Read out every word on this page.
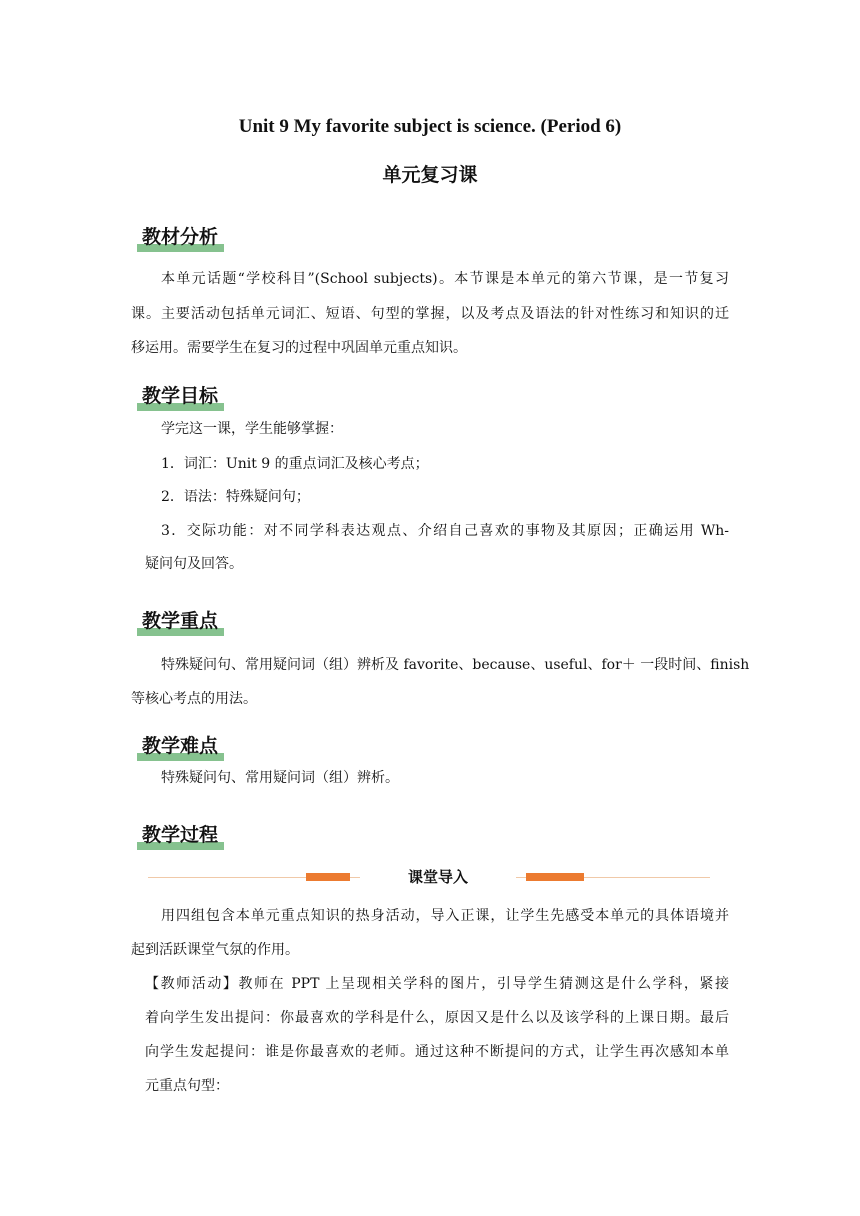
Unit 9 My favorite subject is science. (Period 6)
单元复习课
教材分析
本单元话题“学校科目”(School subjects)。本节课是本单元的第六节课，是一节复习
课。主要活动包括单元词汇、短语、句型的掌握，以及考点及语法的针对性练习和知识的迁
移运用。需要学生在复习的过程中巩固单元重点知识。
教学目标
学完这一课，学生能够掌握：
1．词汇：Unit 9 的重点词汇及核心考点；
2．语法：特殊疑问句；
3．交际功能：对不同学科表达观点、介绍自己喜欢的事物及其原因；正确运用 Wh-
疑问句及回答。
教学重点
特殊疑问句、常用疑问词（组）辨析及 favorite、because、useful、for＋ 一段时间、finish
等核心考点的用法。
教学难点
特殊疑问句、常用疑问词（组）辨析。
教学过程
课堂导入
用四组包含本单元重点知识的热身活动，导入正课，让学生先感受本单元的具体语境并
起到活跃课堂气氛的作用。
【教师活动】教师在 PPT 上呈现相关学科的图片，引导学生猜测这是什么学科，紧接
着向学生发出提问：你最喜欢的学科是什么，原因又是什么以及该学科的上课日期。最后
向学生发起提问：谁是你最喜欢的老师。通过这种不断提问的方式，让学生再次感知本单
元重点句型：
